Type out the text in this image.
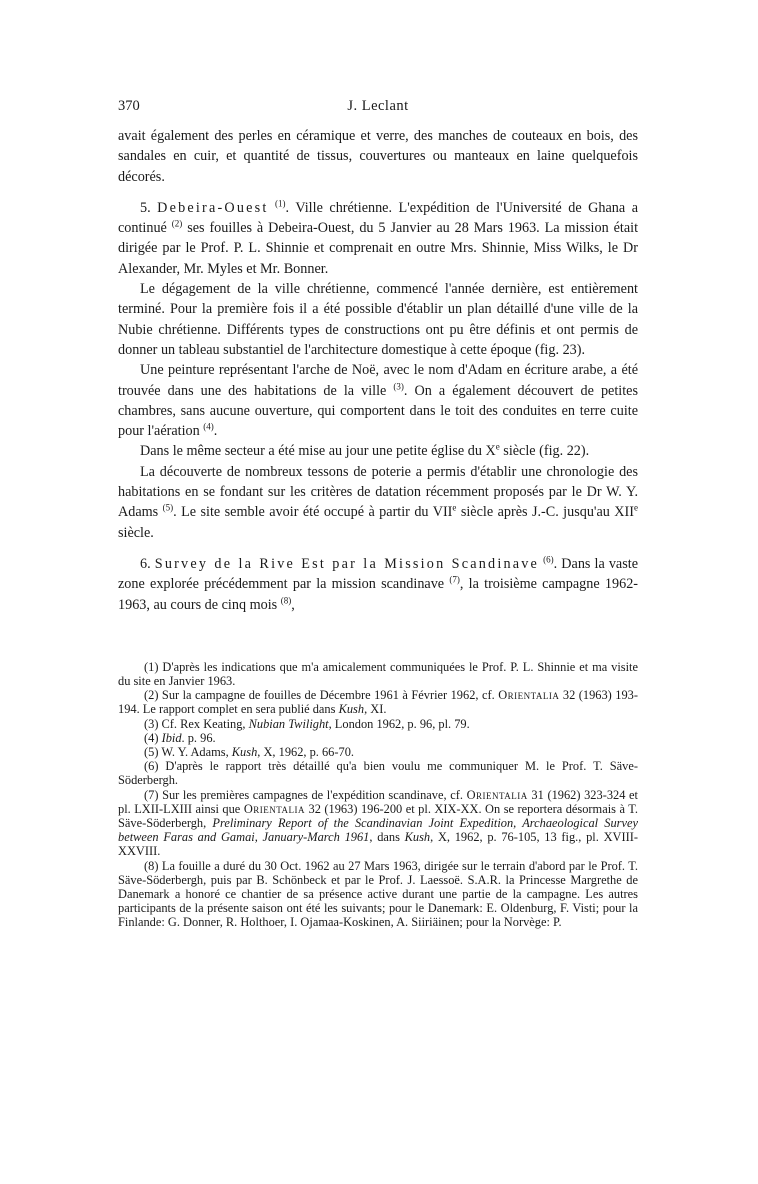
370	J. Leclant

avait également des perles en céramique et verre, des manches de couteaux en bois, des sandales en cuir, et quantité de tissus, couvertures ou manteaux en laine quelquefois décorés.

5. Debeira-Ouest $^{(1)}$. Ville chrétienne. L'expédition de l'Université de Ghana a continué $^{(2)}$ ses fouilles à Debeira-Ouest, du 5 Janvier au 28 Mars 1963. La mission était dirigée par le Prof. P. L. Shinnie et comprenait en outre Mrs. Shinnie, Miss Wilks, le Dr Alexander, Mr. Myles et Mr. Bonner.

Le dégagement de la ville chrétienne, commencé l'année dernière, est entièrement terminé. Pour la première fois il a été possible d'établir un plan détaillé d'une ville de la Nubie chrétienne. Différents types de constructions ont pu être définis et ont permis de donner un tableau substantiel de l'architecture domestique à cette époque (fig. 23).

Une peinture représentant l'arche de Noë, avec le nom d'Adam en écriture arabe, a été trouvée dans une des habitations de la ville $^{(3)}$. On a également découvert de petites chambres, sans aucune ouverture, qui comportent dans le toit des conduites en terre cuite pour l'aération $^{(4)}$.

Dans le même secteur a été mise au jour une petite église du Xe siècle (fig. 22).

La découverte de nombreux tessons de poterie a permis d'établir une chronologie des habitations en se fondant sur les critères de datation récemment proposés par le Dr W. Y. Adams $^{(5)}$. Le site semble avoir été occupé à partir du VIIe siècle après J.-C. jusqu'au XIIe siècle.

6. Survey de la Rive Est par la Mission Scandinave $^{(6)}$. Dans la vaste zone explorée précédemment par la mission scandinave $^{(7)}$, la troisième campagne 1962-1963, au cours de cinq mois $^{(8)}$,

(1) D'après les indications que m'a amicalement communiquées le Prof. P. L. Shinnie et ma visite du site en Janvier 1963.

(2) Sur la campagne de fouilles de Décembre 1961 à Février 1962, cf. Orientalia 32 (1963) 193-194. Le rapport complet en sera publié dans Kush, XI.

(3) Cf. Rex Keating, Nubian Twilight, London 1962, p. 96, pl. 79.

(4) Ibid. p. 96.

(5) W. Y. Adams, Kush, X, 1962, p. 66-70.

(6) D'après le rapport très détaillé qu'a bien voulu me communiquer M. le Prof. T. Säve-Söderbergh.

(7) Sur les premières campagnes de l'expédition scandinave, cf. Orientalia 31 (1962) 323-324 et pl. LXII-LXIII ainsi que Orientalia 32 (1963) 196-200 et pl. XIX-XX. On se reportera désormais à T. Säve-Söderbergh, Preliminary Report of the Scandinavian Joint Expedition, Archaeological Survey between Faras and Gamai, January-March 1961, dans Kush, X, 1962, p. 76-105, 13 fig., pl. XVIII-XXVIII.

(8) La fouille a duré du 30 Oct. 1962 au 27 Mars 1963, dirigée sur le terrain d'abord par le Prof. T. Säve-Söderbergh, puis par B. Schönbeck et par le Prof. J. Laessoë. S.A.R. la Princesse Margrethe de Danemark a honoré ce chantier de sa présence active durant une partie de la campagne. Les autres participants de la présente saison ont été les suivants; pour le Danemark: E. Oldenburg, F. Visti; pour la Finlande: G. Donner, R. Holthoer, I. Ojamaa-Koskinen, A. Siiriäinen; pour la Norvège: P.
